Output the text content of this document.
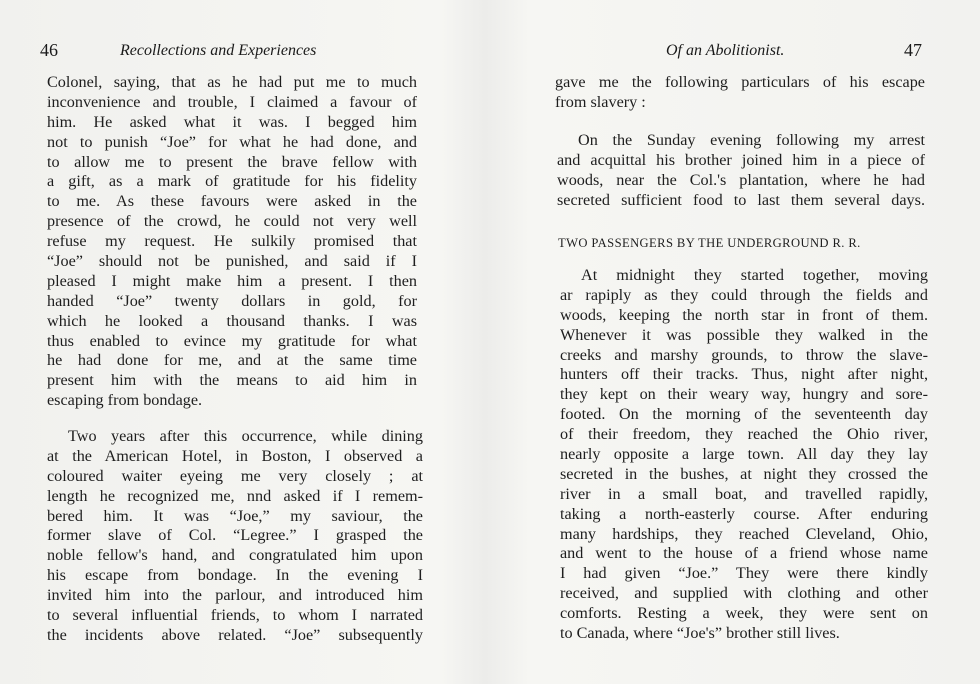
46	Recollections and Experiences
Colonel, saying, that as he had put me to much
inconvenience and trouble, I claimed a favour of
him. He asked what it was. I begged him
not to punish “Joe” for what he had done, and
to allow me to present the brave fellow with
a gift, as a mark of gratitude for his fidelity
to me. As these favours were asked in the
presence of the crowd, he could not very well
refuse my request. He sulkily promised that
“Joe” should not be punished, and said if I
pleased I might make him a present. I then
handed “Joe” twenty dollars in gold, for
which he looked a thousand thanks. I was
thus enabled to evince my gratitude for what
he had done for me, and at the same time
present him with the means to aid him in
escaping from bondage.
Two years after this occurrence, while dining
at the American Hotel, in Boston, I observed a
coloured waiter eyeing me very closely ; at
length he recognized me, nnd asked if I remem-
bered him. It was “Joe,” my saviour, the
former slave of Col. “Legree.” I grasped the
noble fellow's hand, and congratulated him upon
his escape from bondage. In the evening I
invited him into the parlour, and introduced him
to several influential friends, to whom I narrated
the incidents above related. “Joe” subsequently
Of an Abolitionist.	47
gave me the following particulars of his escape
from slavery :
On the Sunday evening following my arrest
and acquittal his brother joined him in a piece of
woods, near the Col.'s plantation, where he had
secreted sufficient food to last them several days.
TWO PASSENGERS BY THE UNDERGROUND R. R.
At midnight they started together, moving
ar rapiply as they could through the fields and
woods, keeping the north star in front of them.
Whenever it was possible they walked in the
creeks and marshy grounds, to throw the slave-
hunters off their tracks. Thus, night after night,
they kept on their weary way, hungry and sore-
footed. On the morning of the seventeenth day
of their freedom, they reached the Ohio river,
nearly opposite a large town. All day they lay
secreted in the bushes, at night they crossed the
river in a small boat, and travelled rapidly,
taking a north-easterly course. After enduring
many hardships, they reached Cleveland, Ohio,
and went to the house of a friend whose name
I had given “Joe.” They were there kindly
received, and supplied with clothing and other
comforts. Resting a week, they were sent on
to Canada, where “Joe's” brother still lives.
